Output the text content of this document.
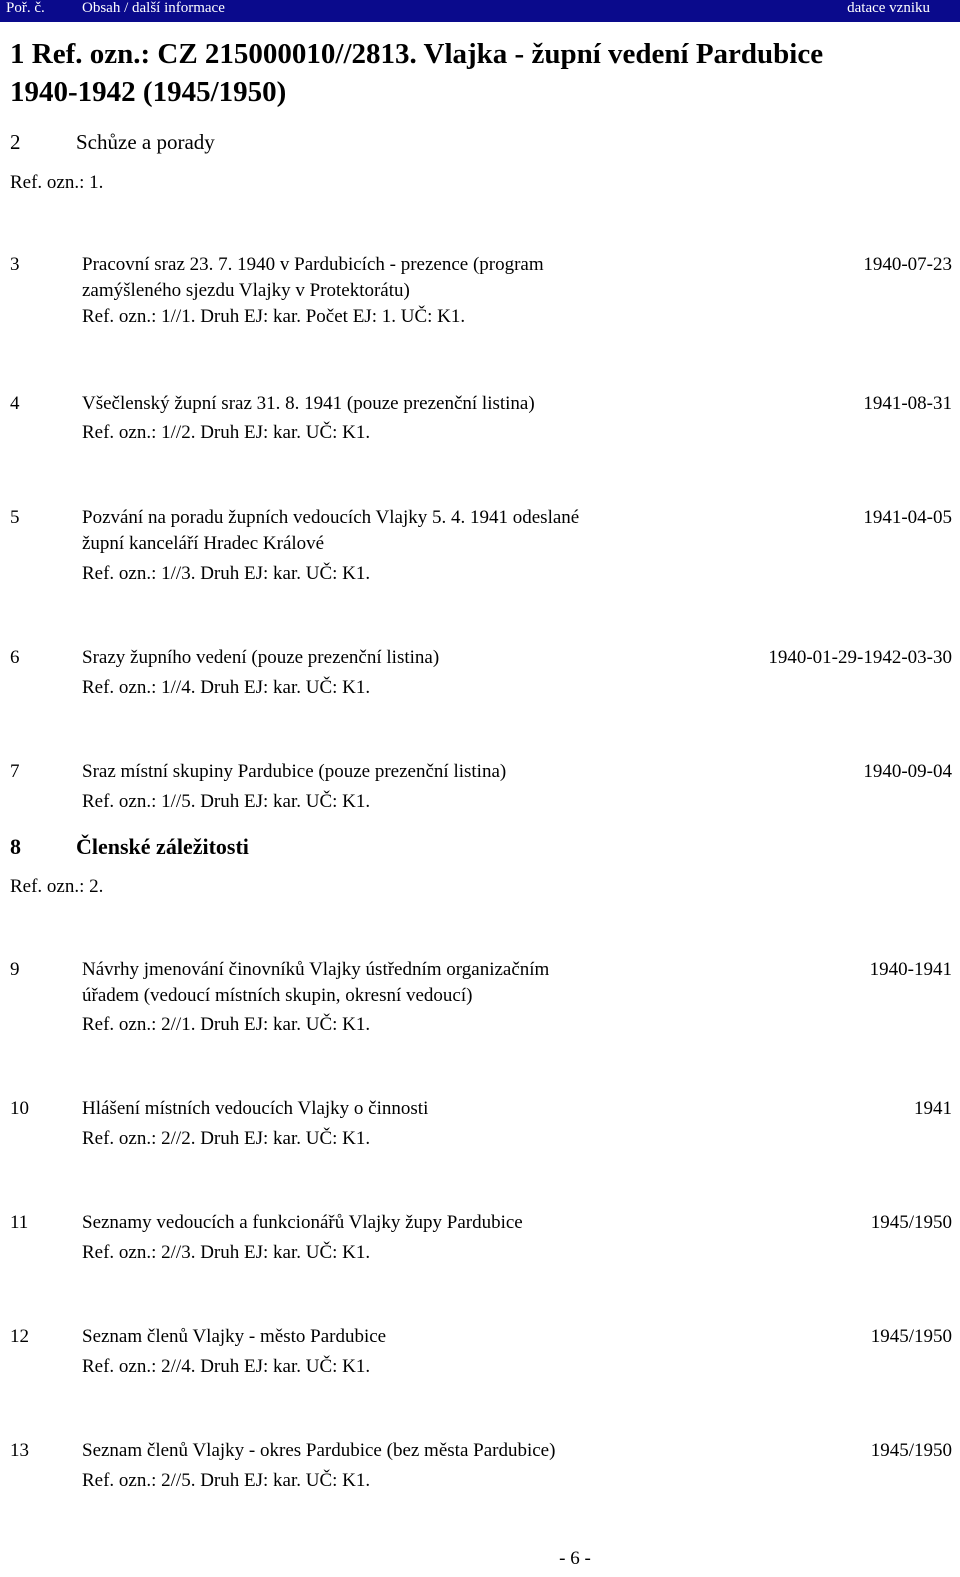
Poř. č. Obsah / další informace	datace vzniku
1 Ref. ozn.: CZ 215000010//2813. Vlajka - župní vedení Pardubice
1940-1942 (1945/1950)
2	Schůze a porady
Ref. ozn.: 1.
3	Pracovní sraz 23. 7. 1940 v Pardubicích - prezence (program
zamýšleného sjezdu Vlajky v Protektorátu)
Ref. ozn.: 1//1. Druh EJ: kar. Počet EJ: 1. UČ: K1.
1940-07-23
4	Všečlenský župní sraz 31. 8. 1941 (pouze prezenční listina)
Ref. ozn.: 1//2. Druh EJ: kar. UČ: K1.
1941-08-31
5	Pozvání na poradu župních vedoucích Vlajky 5. 4. 1941 odeslané
župní kanceláří Hradec Králové
Ref. ozn.: 1//3. Druh EJ: kar. UČ: K1.
1941-04-05
6	Srazy župního vedení (pouze prezenční listina)
Ref. ozn.: 1//4. Druh EJ: kar. UČ: K1.
1940-01-29-1942-03-30
7	Sraz místní skupiny Pardubice (pouze prezenční listina)
Ref. ozn.: 1//5. Druh EJ: kar. UČ: K1.
1940-09-04
8	Členské záležitosti
Ref. ozn.: 2.
9	Návrhy jmenování činovníků Vlajky ústředním organizačním
úřadem (vedoucí místních skupin, okresní vedoucí)
Ref. ozn.: 2//1. Druh EJ: kar. UČ: K1.
1940-1941
10	Hlášení místních vedoucích Vlajky o činnosti
Ref. ozn.: 2//2. Druh EJ: kar. UČ: K1.
1941
11	Seznamy vedoucích a funkcionářů Vlajky župy Pardubice
Ref. ozn.: 2//3. Druh EJ: kar. UČ: K1.
1945/1950
12	Seznam členů Vlajky - město Pardubice
Ref. ozn.: 2//4. Druh EJ: kar. UČ: K1.
1945/1950
13	Seznam členů Vlajky - okres Pardubice (bez města Pardubice)
Ref. ozn.: 2//5. Druh EJ: kar. UČ: K1.
1945/1950
- 6 -
